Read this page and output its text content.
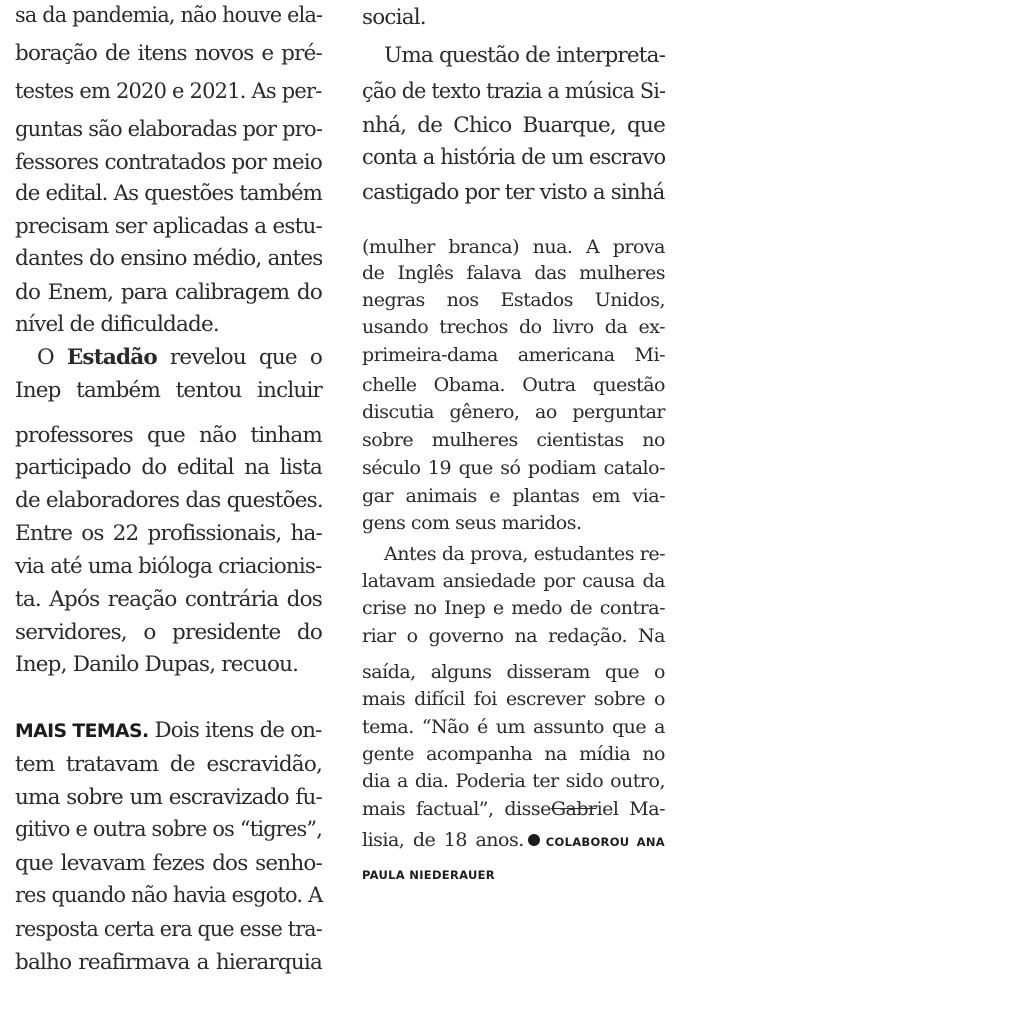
sa da pandemia, não houve ela-
boração de itens novos e pré-
testes em 2020 e 2021. As per-
guntas são elaboradas por pro-
fessores contratados por meio
de edital. As questões também
precisam ser aplicadas a estu-
dantes do ensino médio, antes
do Enem, para calibragem do
nível de dificuldade.
O Estadão revelou que o
Inep também tentou incluir
professores que não tinham
participado do edital na lista
de elaboradores das questões.
Entre os 22 profissionais, ha-
via até uma bióloga criacionis-
ta. Após reação contrária dos
servidores, o presidente do
Inep, Danilo Dupas, recuou.
MAIS TEMAS. Dois itens de on-
tem tratavam de escravidão,
uma sobre um escravizado fu-
gitivo e outra sobre os “tigres”,
que levavam fezes dos senho-
res quando não havia esgoto. A
resposta certa era que esse tra-
balho reafirmava a hierarquia
social.
Uma questão de interpreta-
ção de texto trazia a música Si-
nhá, de Chico Buarque, que
conta a história de um escravo
castigado por ter visto a sinhá
(mulher branca) nua. A prova
de Inglês falava das mulheres
negras nos Estados Unidos,
usando trechos do livro da ex-
primeira-dama americana Mi-
chelle Obama. Outra questão
discutia gênero, ao perguntar
sobre mulheres cientistas no
século 19 que só podiam catalo-
gar animais e plantas em via-
gens com seus maridos.
Antes da prova, estudantes re-
latavam ansiedade por causa da
crise no Inep e medo de contra-
riar o governo na redação. Na
saída, alguns disseram que o
mais difícil foi escrever sobre o
tema. “Não é um assunto que a
gente acompanha na mídia no
dia a dia. Poderia ter sido outro,
mais factual”, disseGabriel Ma-
lisia, de 18 anos. COLABOROU ANA
PAULA NIEDERAUER
